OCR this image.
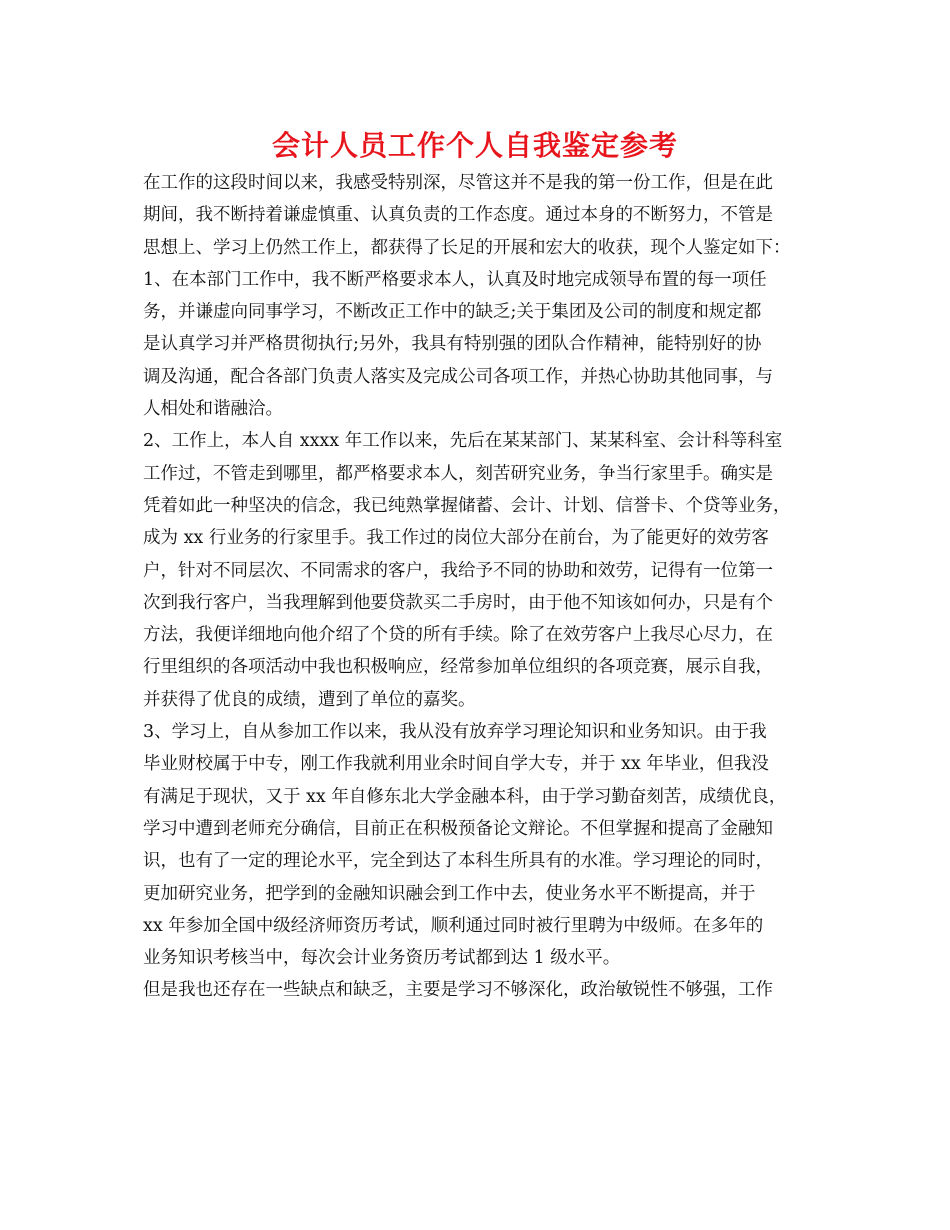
会计人员工作个人自我鉴定参考
在工作的这段时间以来，我感受特别深，尽管这并不是我的第一份工作，但是在此
期间，我不断持着谦虚慎重、认真负责的工作态度。通过本身的不断努力，不管是
思想上、学习上仍然工作上，都获得了长足的开展和宏大的收获，现个人鉴定如下：
1、在本部门工作中，我不断严格要求本人，认真及时地完成领导布置的每一项任
务，并谦虚向同事学习，不断改正工作中的缺乏;关于集团及公司的制度和规定都
是认真学习并严格贯彻执行;另外，我具有特别强的团队合作精神，能特别好的协
调及沟通，配合各部门负责人落实及完成公司各项工作，并热心协助其他同事，与
人相处和谐融洽。
2、工作上，本人自 xxxx 年工作以来，先后在某某部门、某某科室、会计科等科室
工作过，不管走到哪里，都严格要求本人，刻苦研究业务，争当行家里手。确实是
凭着如此一种坚决的信念，我已纯熟掌握储蓄、会计、计划、信誉卡、个贷等业务，
成为 xx 行业务的行家里手。我工作过的岗位大部分在前台，为了能更好的效劳客
户，针对不同层次、不同需求的客户，我给予不同的协助和效劳，记得有一位第一
次到我行客户，当我理解到他要贷款买二手房时，由于他不知该如何办，只是有个
方法，我便详细地向他介绍了个贷的所有手续。除了在效劳客户上我尽心尽力，在
行里组织的各项活动中我也积极响应，经常参加单位组织的各项竞赛，展示自我，
并获得了优良的成绩，遭到了单位的嘉奖。
3、学习上，自从参加工作以来，我从没有放弃学习理论知识和业务知识。由于我
毕业财校属于中专，刚工作我就利用业余时间自学大专，并于 xx 年毕业，但我没
有满足于现状，又于 xx 年自修东北大学金融本科，由于学习勤奋刻苦，成绩优良，
学习中遭到老师充分确信，目前正在积极预备论文辩论。不但掌握和提高了金融知
识，也有了一定的理论水平，完全到达了本科生所具有的水准。学习理论的同时，
更加研究业务，把学到的金融知识融会到工作中去，使业务水平不断提高，并于
xx 年参加全国中级经济师资历考试，顺利通过同时被行里聘为中级师。在多年的
业务知识考核当中，每次会计业务资历考试都到达 1 级水平。
但是我也还存在一些缺点和缺乏，主要是学习不够深化，政治敏锐性不够强，工作
